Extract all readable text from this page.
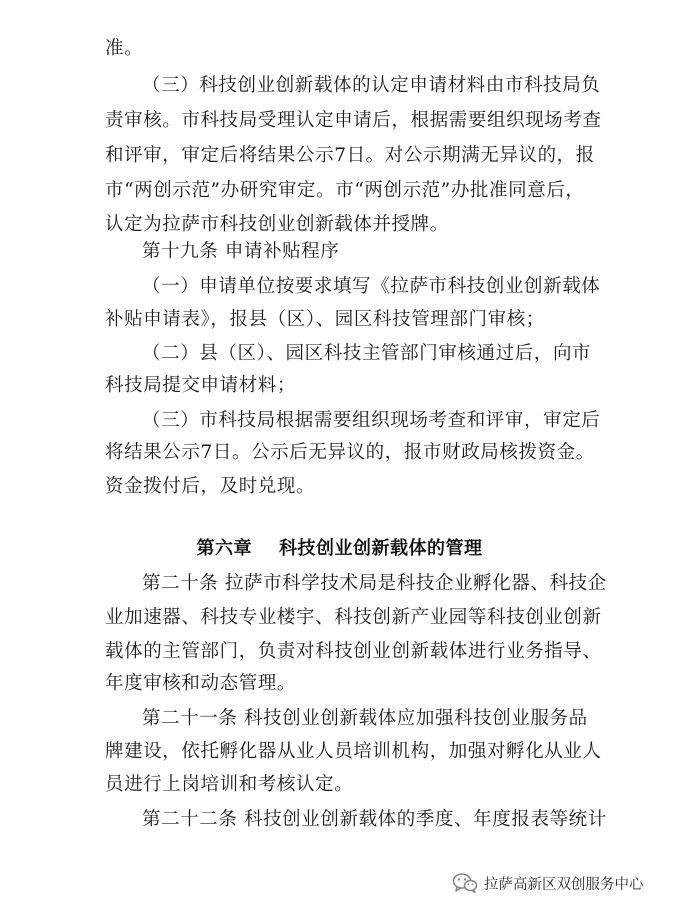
准。
（三）科技创业创新载体的认定申请材料由市科技局负
责审核。市科技局受理认定申请后，根据需要组织现场考查
和评审，审定后将结果公示7日。对公示期满无异议的，报
市“两创示范”办研究审定。市“两创示范”办批准同意后，
认定为拉萨市科技创业创新载体并授牌。
第十九条 申请补贴程序
（一）申请单位按要求填写《拉萨市科技创业创新载体
补贴申请表》，报县（区）、园区科技管理部门审核；
（二）县（区）、园区科技主管部门审核通过后，向市
科技局提交申请材料；
（三）市科技局根据需要组织现场考查和评审，审定后
将结果公示7日。公示后无异议的，报市财政局核拨资金。
资金拨付后，及时兑现。
第六章    科技创业创新载体的管理
第二十条 拉萨市科学技术局是科技企业孵化器、科技企
业加速器、科技专业楼宇、科技创新产业园等科技创业创新
载体的主管部门，负责对科技创业创新载体进行业务指导、
年度审核和动态管理。
第二十一条 科技创业创新载体应加强科技创业服务品
牌建设，依托孵化器从业人员培训机构，加强对孵化从业人
员进行上岗培训和考核认定。
第二十二条 科技创业创新载体的季度、年度报表等统计
拉萨高新区双创服务中心
